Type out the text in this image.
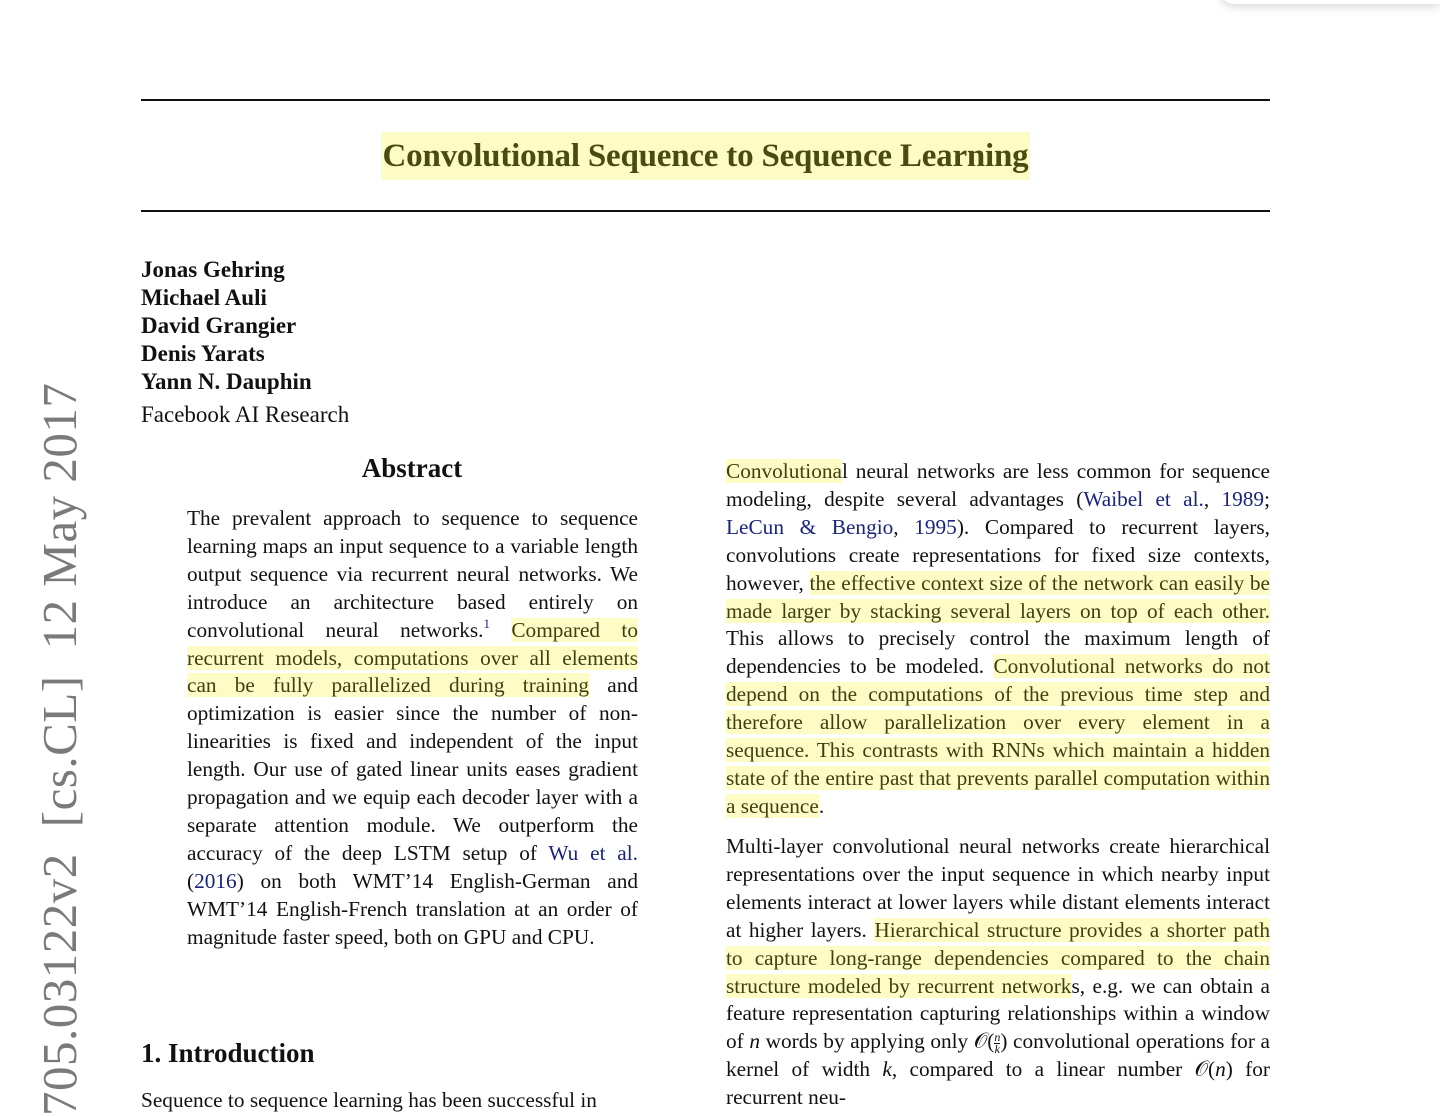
705.03122v2[cs.CL]12 May 2017
Convolutional Sequence to Sequence Learning
Jonas Gehring
Michael Auli
David Grangier
Denis Yarats
Yann N. Dauphin
Facebook AI Research
Abstract
The prevalent approach to sequence to sequence learning maps an input sequence to a variable length output sequence via recurrent neural networks. We introduce an architecture based entirely on convolutional neural networks.$^1$ Compared to recurrent models, computations over all elements can be fully parallelized during training and optimization is easier since the number of non-linearities is fixed and independent of the input length. Our use of gated linear units eases gradient propagation and we equip each decoder layer with a separate attention module. We outperform the accuracy of the deep LSTM setup of Wu et al. (2016) on both WMT’14 English-German and WMT’14 English-French translation at an order of magnitude faster speed, both on GPU and CPU.
1. Introduction
Sequence to sequence learning has been successful in
Convolutional neural networks are less common for sequence modeling, despite several advantages (Waibel et al., 1989; LeCun & Bengio, 1995). Compared to recurrent layers, convolutions create representations for fixed size contexts, however, the effective context size of the network can easily be made larger by stacking several layers on top of each other. This allows to precisely control the maximum length of dependencies to be modeled. Convolutional networks do not depend on the computations of the previous time step and therefore allow parallelization over every element in a sequence. This contrasts with RNNs which maintain a hidden state of the entire past that prevents parallel computation within a sequence.
Multi-layer convolutional neural networks create hierarchical representations over the input sequence in which nearby input elements interact at lower layers while distant elements interact at higher layers. Hierarchical structure provides a shorter path to capture long-range dependencies compared to the chain structure modeled by recurrent networks, e.g. we can obtain a feature representation capturing relationships within a window of n words by applying only 𝒪( $\frac{n}{k}$ ) convolutional operations for a kernel of width k, compared to a linear number 𝒪(n) for recurrent neu-
